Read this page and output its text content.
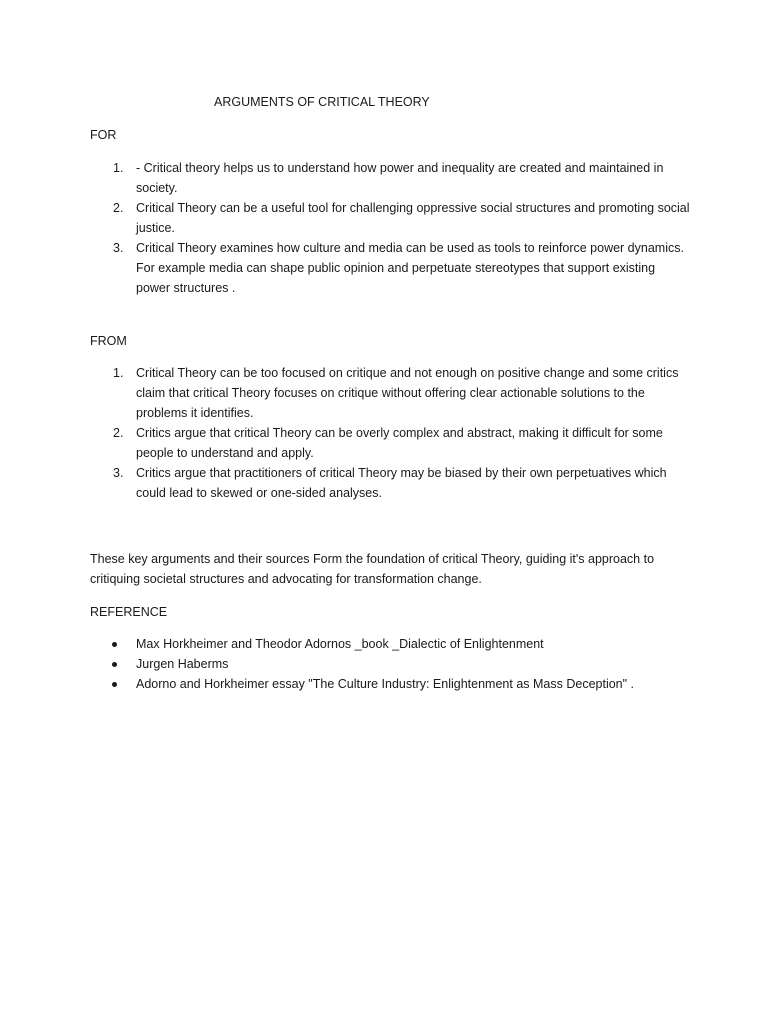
ARGUMENTS OF CRITICAL THEORY
FOR
1. - Critical theory helps us to understand how power and inequality are created and maintained in society.
2. Critical Theory can be a useful tool for challenging oppressive social structures and promoting social justice.
3. Critical Theory examines how culture and media can be used as tools to reinforce power dynamics. For example media can shape public opinion and perpetuate stereotypes that support existing power structures .
FROM
1. Critical Theory can be too focused on critique and not enough on positive change and some critics claim that critical Theory focuses on critique without offering clear actionable solutions to the problems it identifies.
2. Critics argue that critical Theory can be overly complex and abstract, making it difficult for some people to understand and apply.
3. Critics argue that practitioners of critical Theory may be biased by their own perpetuatives which could lead to skewed or one-sided analyses.

These key arguments and their sources Form the foundation of critical Theory, guiding it's approach to critiquing societal structures and advocating for transformation change.

REFERENCE
Max Horkheimer and Theodor Adornos _book _Dialectic of Enlightenment
Jurgen Haberms
Adorno and Horkheimer essay "The Culture Industry: Enlightenment as Mass Deception" .
